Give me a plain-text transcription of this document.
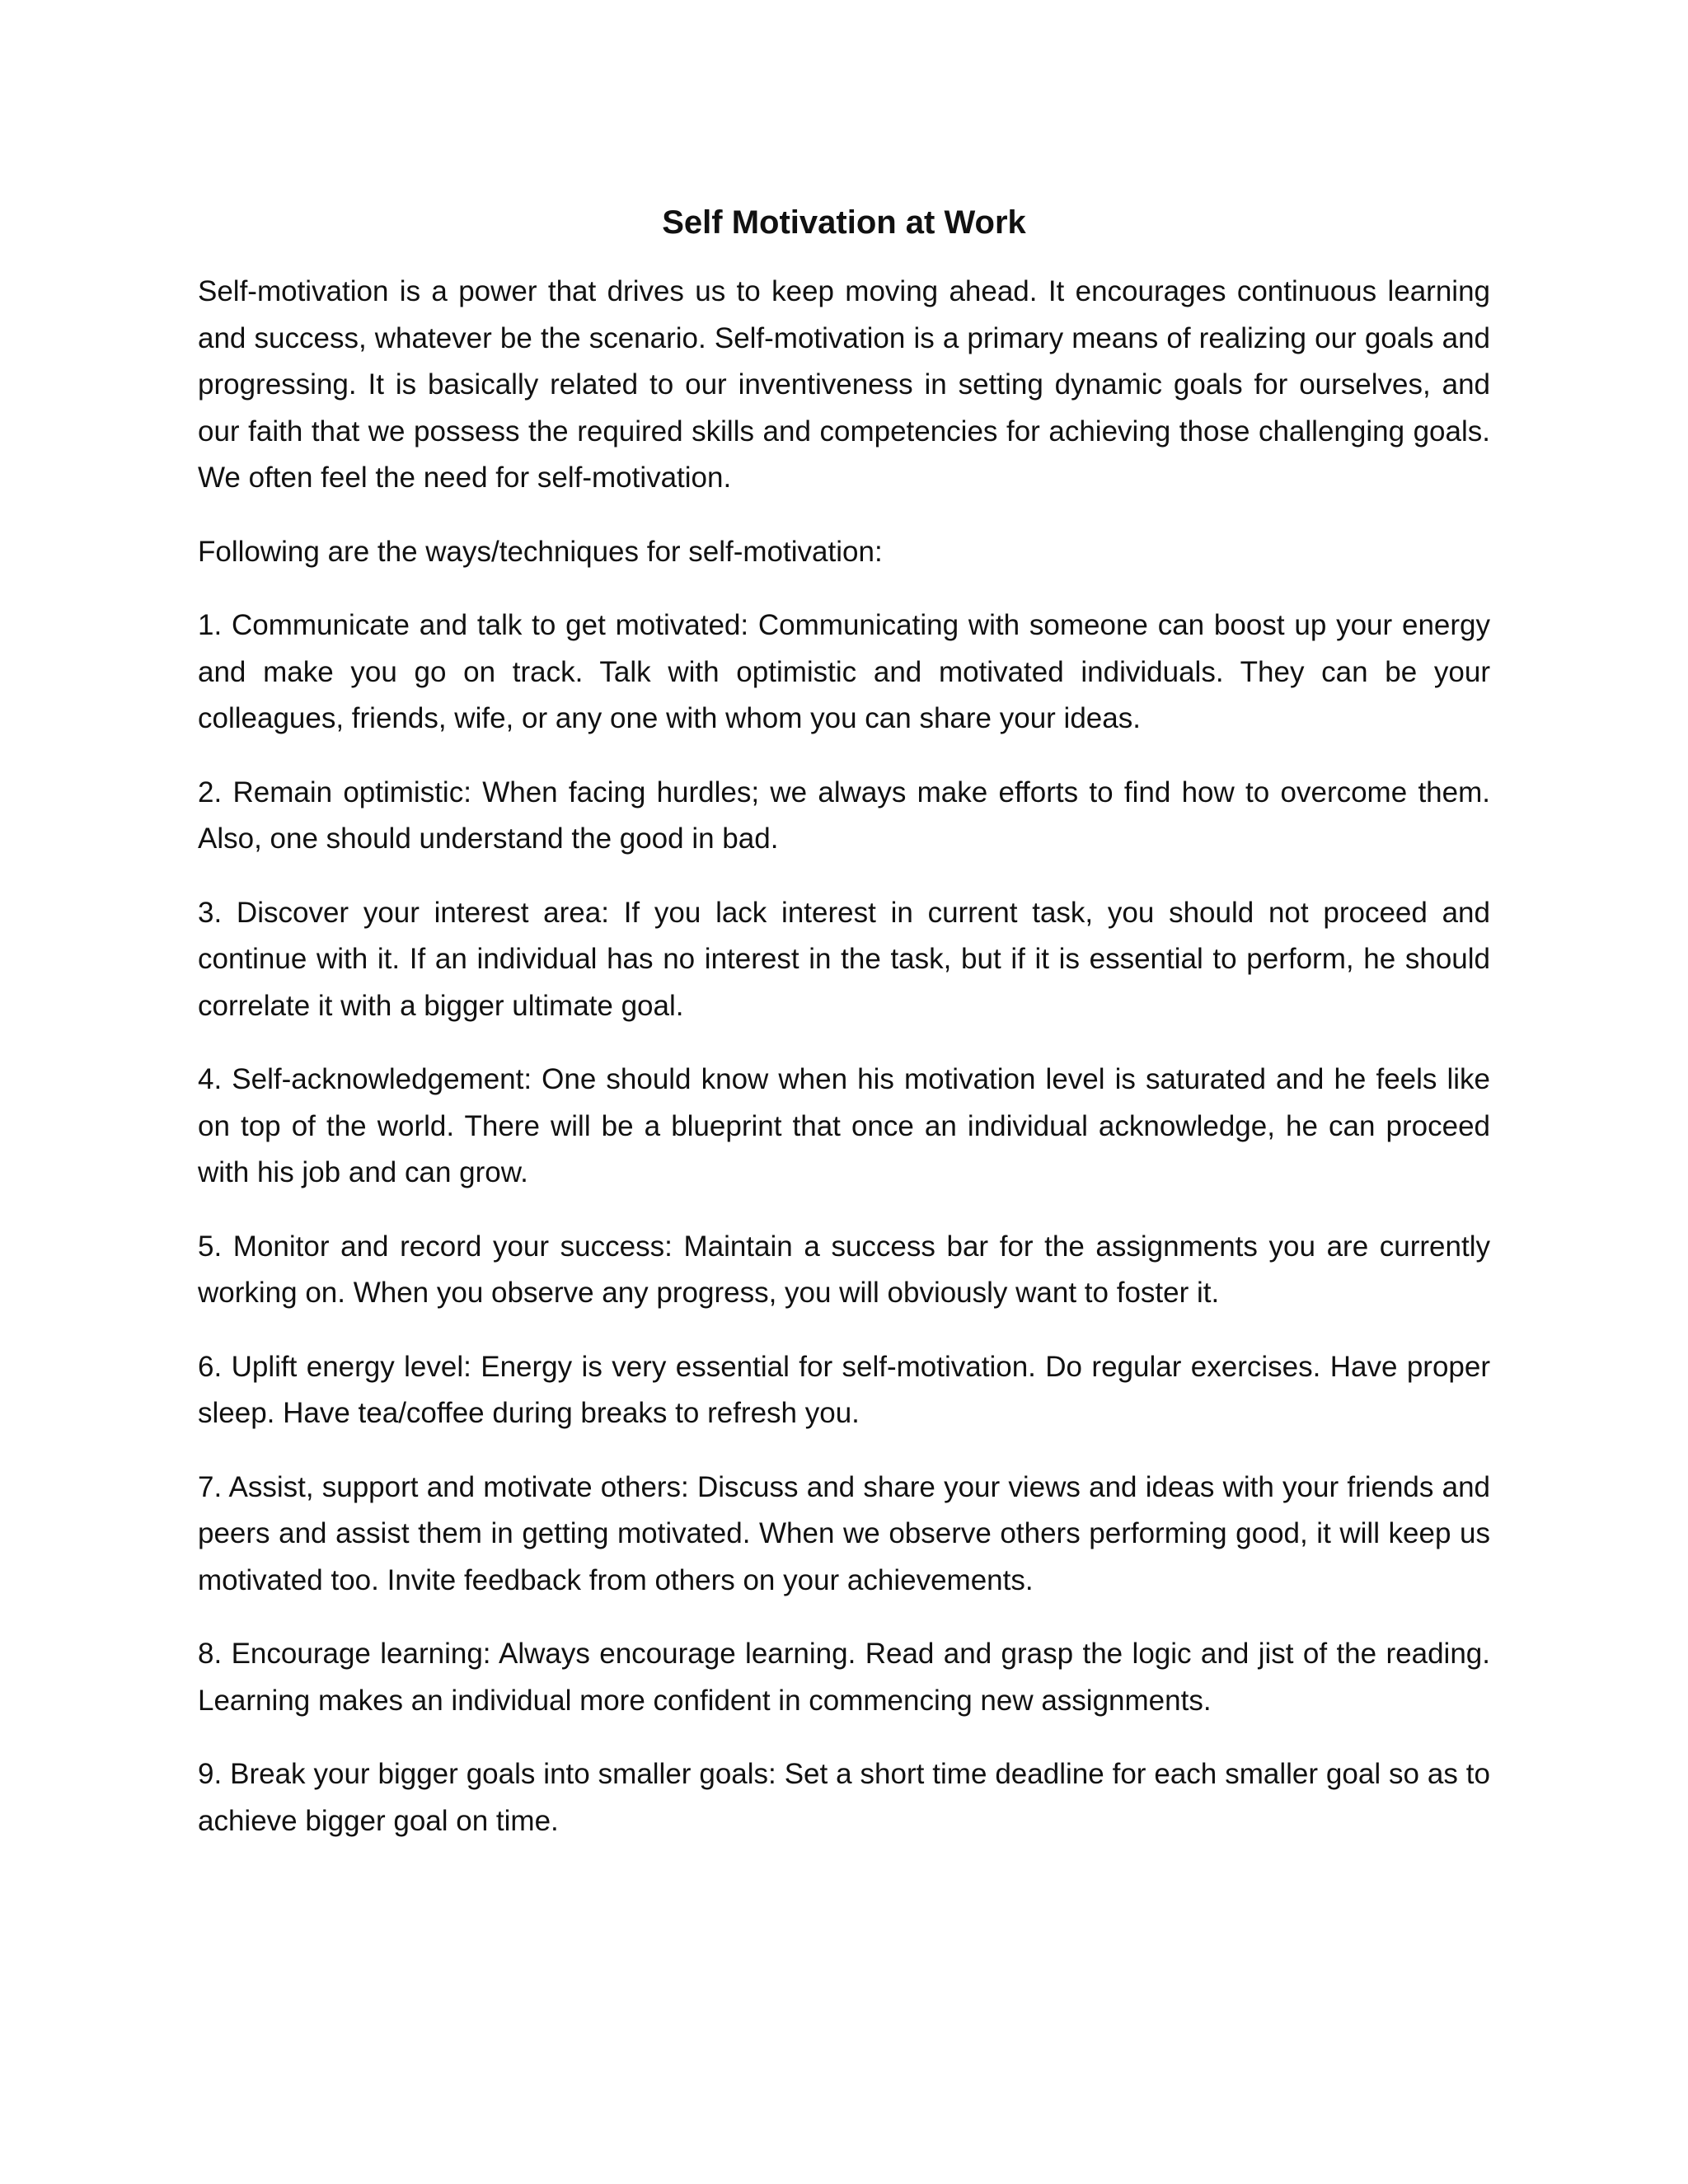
Self Motivation at Work

Self-motivation is a power that drives us to keep moving ahead. It encourages continuous learning and success, whatever be the scenario. Self-motivation is a primary means of realizing our goals and progressing. It is basically related to our inventiveness in setting dynamic goals for ourselves, and our faith that we possess the required skills and competencies for achieving those challenging goals. We often feel the need for self-motivation.

Following are the ways/techniques for self-motivation:

1. Communicate and talk to get motivated: Communicating with someone can boost up your energy and make you go on track. Talk with optimistic and motivated individuals. They can be your colleagues, friends, wife, or any one with whom you can share your ideas.

2. Remain optimistic: When facing hurdles; we always make efforts to find how to overcome them. Also, one should understand the good in bad.

3. Discover your interest area: If you lack interest in current task, you should not proceed and continue with it. If an individual has no interest in the task, but if it is essential to perform, he should correlate it with a bigger ultimate goal.

4. Self-acknowledgement: One should know when his motivation level is saturated and he feels like on top of the world. There will be a blueprint that once an individual acknowledge, he can proceed with his job and can grow.

5. Monitor and record your success: Maintain a success bar for the assignments you are currently working on. When you observe any progress, you will obviously want to foster it.

6. Uplift energy level: Energy is very essential for self-motivation. Do regular exercises. Have proper sleep. Have tea/coffee during breaks to refresh you.

7. Assist, support and motivate others: Discuss and share your views and ideas with your friends and peers and assist them in getting motivated. When we observe others performing good, it will keep us motivated too. Invite feedback from others on your achievements.

8. Encourage learning: Always encourage learning. Read and grasp the logic and jist of the reading. Learning makes an individual more confident in commencing new assignments.

9. Break your bigger goals into smaller goals: Set a short time deadline for each smaller goal so as to achieve bigger goal on time.
